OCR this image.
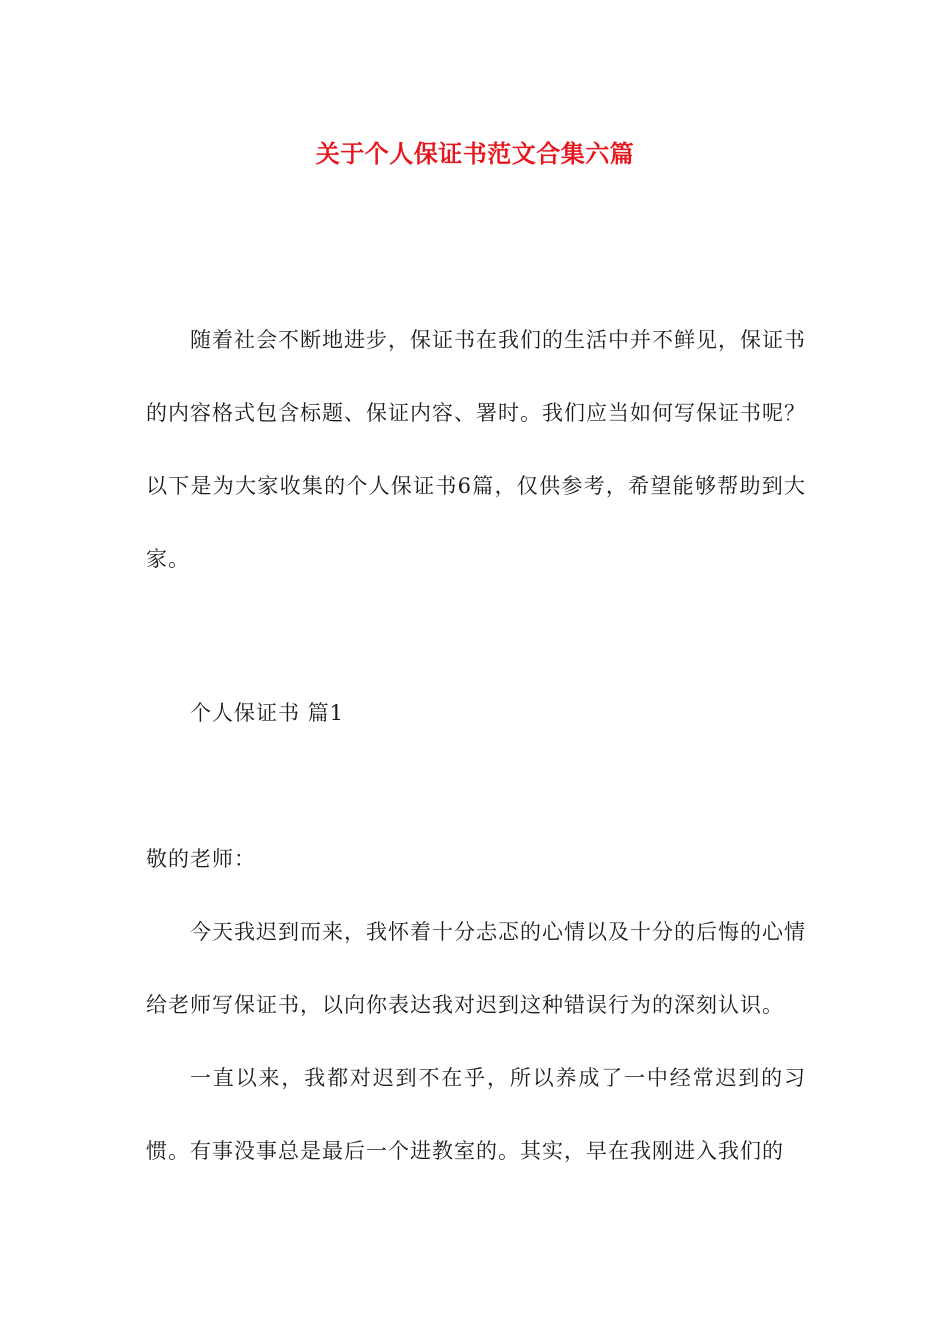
关于个人保证书范文合集六篇

随着社会不断地进步，保证书在我们的生活中并不鲜见，保证书的内容格式包含标题、保证内容、署时。我们应当如何写保证书呢？以下是为大家收集的个人保证书6篇，仅供参考，希望能够帮助到大家。

个人保证书 篇1

敬的老师：

今天我迟到而来，我怀着十分忐忑的心情以及十分的后悔的心情给老师写保证书，以向你表达我对迟到这种错误行为的深刻认识。

一直以来，我都对迟到不在乎，所以养成了一中经常迟到的习惯。有事没事总是最后一个进教室的。其实，早在我刚进入我们的
